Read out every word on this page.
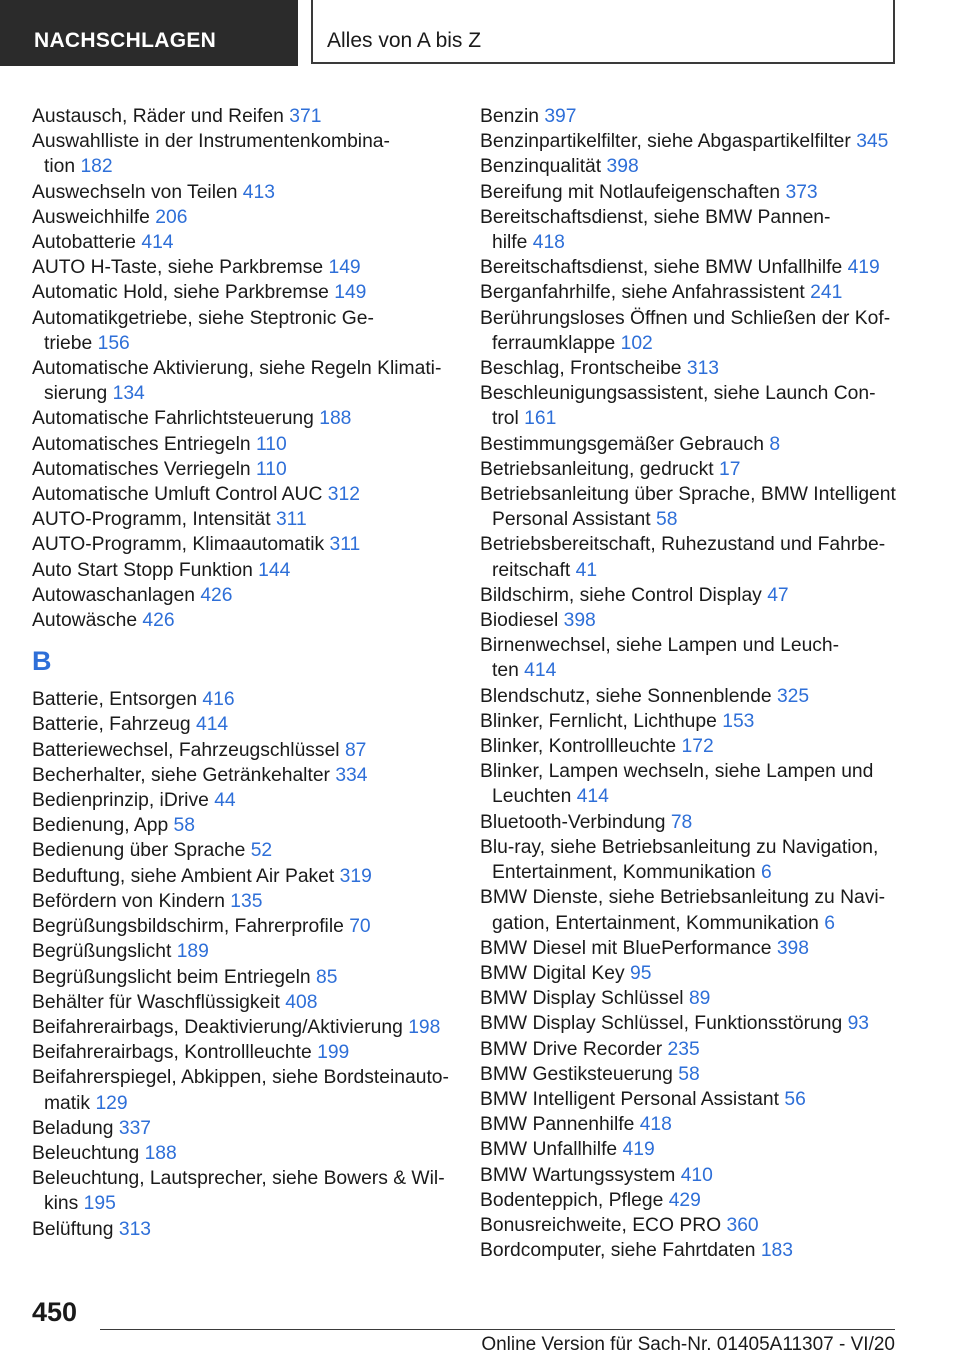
NACHSCHLAGEN	Alles von A bis Z
Austausch, Räder und Reifen 371
Auswahlliste in der Instrumentenkombina-
tion 182
Auswechseln von Teilen 413
Ausweichhilfe 206
Autobatterie 414
AUTO H-Taste, siehe Parkbremse 149
Automatic Hold, siehe Parkbremse 149
Automatikgetriebe, siehe Steptronic Ge-
triebe 156
Automatische Aktivierung, siehe Regeln Klimati-
sierung 134
Automatische Fahrlichtsteuerung 188
Automatisches Entriegeln 110
Automatisches Verriegeln 110
Automatische Umluft Control AUC 312
AUTO-Programm, Intensität 311
AUTO-Programm, Klimaautomatik 311
Auto Start Stopp Funktion 144
Autowaschanlagen 426
Autowäsche 426
B
Batterie, Entsorgen 416
Batterie, Fahrzeug 414
Batteriewechsel, Fahrzeugschlüssel 87
Becherhalter, siehe Getränkehalter 334
Bedienprinzip, iDrive 44
Bedienung, App 58
Bedienung über Sprache 52
Beduftung, siehe Ambient Air Paket 319
Befördern von Kindern 135
Begrüßungsbildschirm, Fahrerprofile 70
Begrüßungslicht 189
Begrüßungslicht beim Entriegeln 85
Behälter für Waschflüssigkeit 408
Beifahrerairbags, Deaktivierung/Aktivierung 198
Beifahrerairbags, Kontrollleuchte 199
Beifahrerspiegel, Abkippen, siehe Bordsteinauto-
matik 129
Beladung 337
Beleuchtung 188
Beleuchtung, Lautsprecher, siehe Bowers & Wil-
kins 195
Belüftung 313
Benzin 397
Benzinpartikelfilter, siehe Abgaspartikelfilter 345
Benzinqualität 398
Bereifung mit Notlaufeigenschaften 373
Bereitschaftsdienst, siehe BMW Pannen-
hilfe 418
Bereitschaftsdienst, siehe BMW Unfallhilfe 419
Berganfahrhilfe, siehe Anfahrassistent 241
Berührungsloses Öffnen und Schließen der Kof-
ferraumklappe 102
Beschlag, Frontscheibe 313
Beschleunigungsassistent, siehe Launch Con-
trol 161
Bestimmungsgemäßer Gebrauch 8
Betriebsanleitung, gedruckt 17
Betriebsanleitung über Sprache, BMW Intelligent
Personal Assistant 58
Betriebsbereitschaft, Ruhezustand und Fahrbe-
reitschaft 41
Bildschirm, siehe Control Display 47
Biodiesel 398
Birnenwechsel, siehe Lampen und Leuch-
ten 414
Blendschutz, siehe Sonnenblende 325
Blinker, Fernlicht, Lichthupe 153
Blinker, Kontrollleuchte 172
Blinker, Lampen wechseln, siehe Lampen und
Leuchten 414
Bluetooth-Verbindung 78
Blu-ray, siehe Betriebsanleitung zu Navigation,
Entertainment, Kommunikation 6
BMW Dienste, siehe Betriebsanleitung zu Navi-
gation, Entertainment, Kommunikation 6
BMW Diesel mit BluePerformance 398
BMW Digital Key 95
BMW Display Schlüssel 89
BMW Display Schlüssel, Funktionsstörung 93
BMW Drive Recorder 235
BMW Gestiksteuerung 58
BMW Intelligent Personal Assistant 56
BMW Pannenhilfe 418
BMW Unfallhilfe 419
BMW Wartungssystem 410
Bodenteppich, Pflege 429
Bonusreichweite, ECO PRO 360
Bordcomputer, siehe Fahrtdaten 183
450
Online Version für Sach-Nr. 01405A11307 - VI/20
